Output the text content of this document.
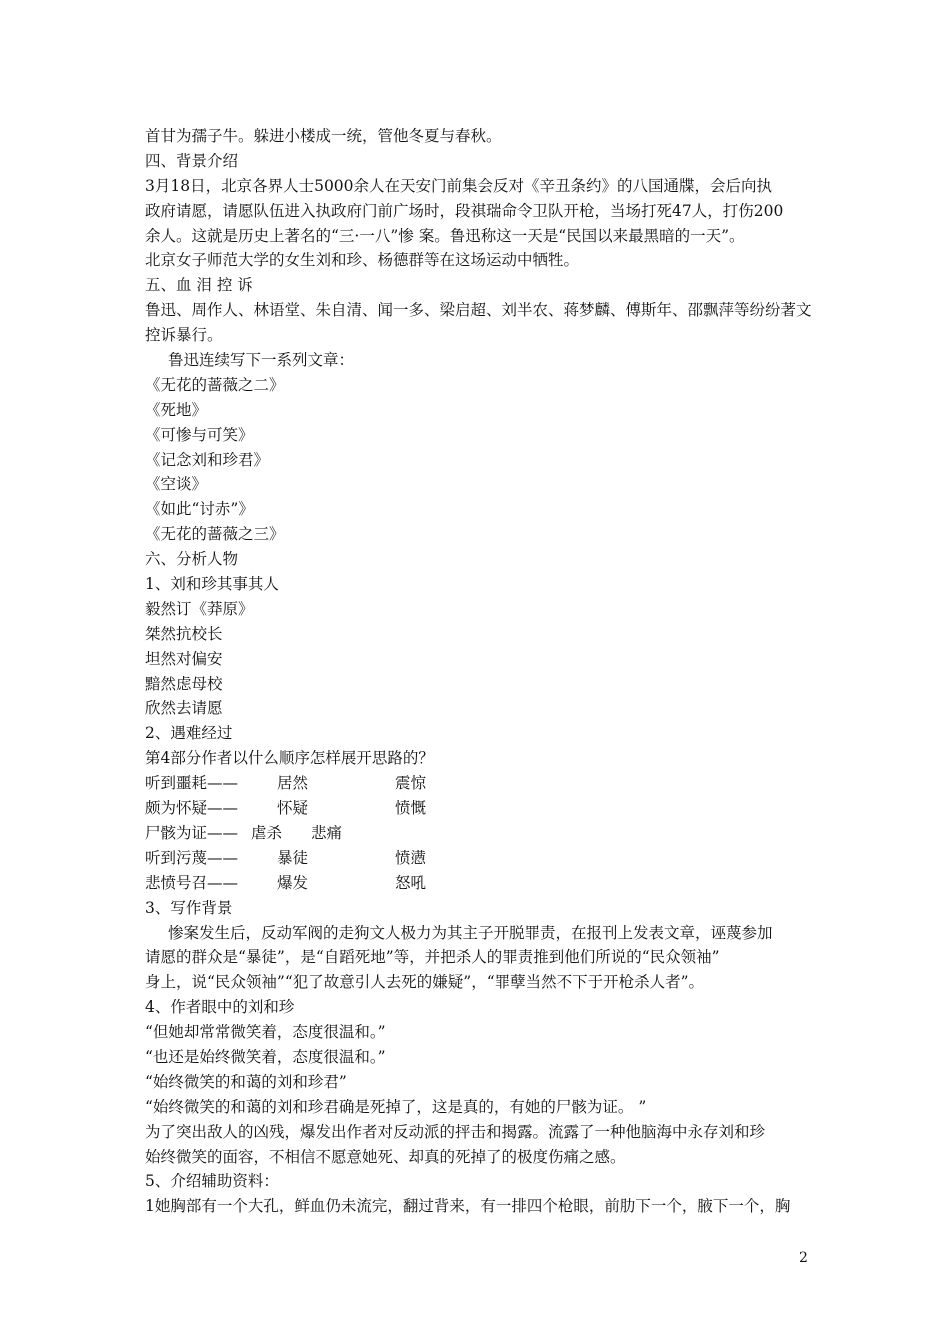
首甘为孺子牛。躲进小楼成一统，管他冬夏与春秋。
四、背景介绍
3月18日，北京各界人士5000余人在天安门前集会反对《辛丑条约》的八国通牒，会后向执
政府请愿，请愿队伍进入执政府门前广场时，段祺瑞命令卫队开枪，当场打死47人，打伤200
余人。这就是历史上著名的“三·一八”惨 案。鲁迅称这一天是“民国以来最黑暗的一天”。
北京女子师范大学的女生刘和珍、杨德群等在这场运动中牺牲。
五、血 泪 控 诉
鲁迅、周作人、林语堂、朱自清、闻一多、梁启超、刘半农、蒋梦麟、傅斯年、邵飘萍等纷纷著文
控诉暴行。
鲁迅连续写下一系列文章：
《无花的蔷薇之二》
《死地》
《可惨与可笑》
《记念刘和珍君》
《空谈》
《如此“讨赤”》
《无花的蔷薇之三》
六、分析人物
1、刘和珍其事其人
毅然订《莽原》
桀然抗校长
坦然对偏安
黯然虑母校
欣然去请愿
2、遇难经过
第4部分作者以什么顺序怎样展开思路的？
听到噩耗——	居然	震惊
颇为怀疑——	怀疑	愤慨
尸骸为证—— 虐杀 悲痛
听到污蔑——	暴徒	愤懑
悲愤号召——	爆发	怒吼
3、写作背景
惨案发生后，反动军阀的走狗文人极力为其主子开脱罪责，在报刊上发表文章，诬蔑参加
请愿的群众是“暴徒”，是“自蹈死地”等，并把杀人的罪责推到他们所说的“民众领袖”
身上，说“民众领袖”“犯了故意引人去死的嫌疑”，“罪孽当然不下于开枪杀人者”。
4、作者眼中的刘和珍
“但她却常常微笑着，态度很温和。”
“也还是始终微笑着，态度很温和。”
“始终微笑的和蔼的刘和珍君”
“始终微笑的和蔼的刘和珍君确是死掉了，这是真的，有她的尸骸为证。 ”
为了突出敌人的凶残，爆发出作者对反动派的抨击和揭露。流露了一种他脑海中永存刘和珍
始终微笑的面容，不相信不愿意她死、却真的死掉了的极度伤痛之感。
5、介绍辅助资料：
1她胸部有一个大孔，鲜血仍未流完，翻过背来，有一排四个枪眼，前肋下一个，腋下一个，胸
2
